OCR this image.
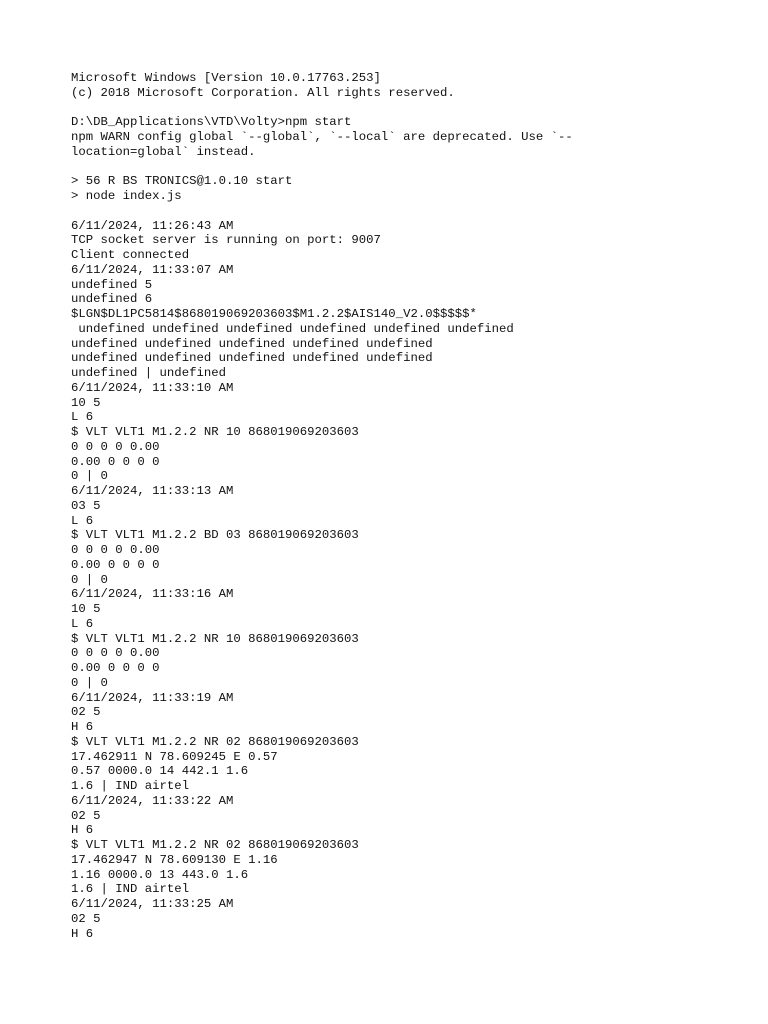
Microsoft Windows [Version 10.0.17763.253]
(c) 2018 Microsoft Corporation. All rights reserved.
D:\DB_Applications\VTD\Volty>npm start
npm WARN config global `--global`, `--local` are deprecated. Use `--
location=global` instead.
> 56 R BS TRONICS@1.0.10 start
> node index.js
6/11/2024, 11:26:43 AM
TCP socket server is running on port: 9007
Client connected
6/11/2024, 11:33:07 AM
undefined 5
undefined 6
$LGN$DL1PC5814$868019069203603$M1.2.2$AIS140_V2.0$$$$$*
undefined undefined undefined undefined undefined undefined
undefined undefined undefined undefined undefined
undefined undefined undefined undefined undefined
undefined | undefined
6/11/2024, 11:33:10 AM
10 5
L 6
$ VLT VLT1 M1.2.2 NR 10 868019069203603
0 0 0 0 0.00
0.00 0 0 0 0
0 | 0
6/11/2024, 11:33:13 AM
03 5
L 6
$ VLT VLT1 M1.2.2 BD 03 868019069203603
0 0 0 0 0.00
0.00 0 0 0 0
0 | 0
6/11/2024, 11:33:16 AM
10 5
L 6
$ VLT VLT1 M1.2.2 NR 10 868019069203603
0 0 0 0 0.00
0.00 0 0 0 0
0 | 0
6/11/2024, 11:33:19 AM
02 5
H 6
$ VLT VLT1 M1.2.2 NR 02 868019069203603
17.462911 N 78.609245 E 0.57
0.57 0000.0 14 442.1 1.6
1.6 | IND airtel
6/11/2024, 11:33:22 AM
02 5
H 6
$ VLT VLT1 M1.2.2 NR 02 868019069203603
17.462947 N 78.609130 E 1.16
1.16 0000.0 13 443.0 1.6
1.6 | IND airtel
6/11/2024, 11:33:25 AM
02 5
H 6
